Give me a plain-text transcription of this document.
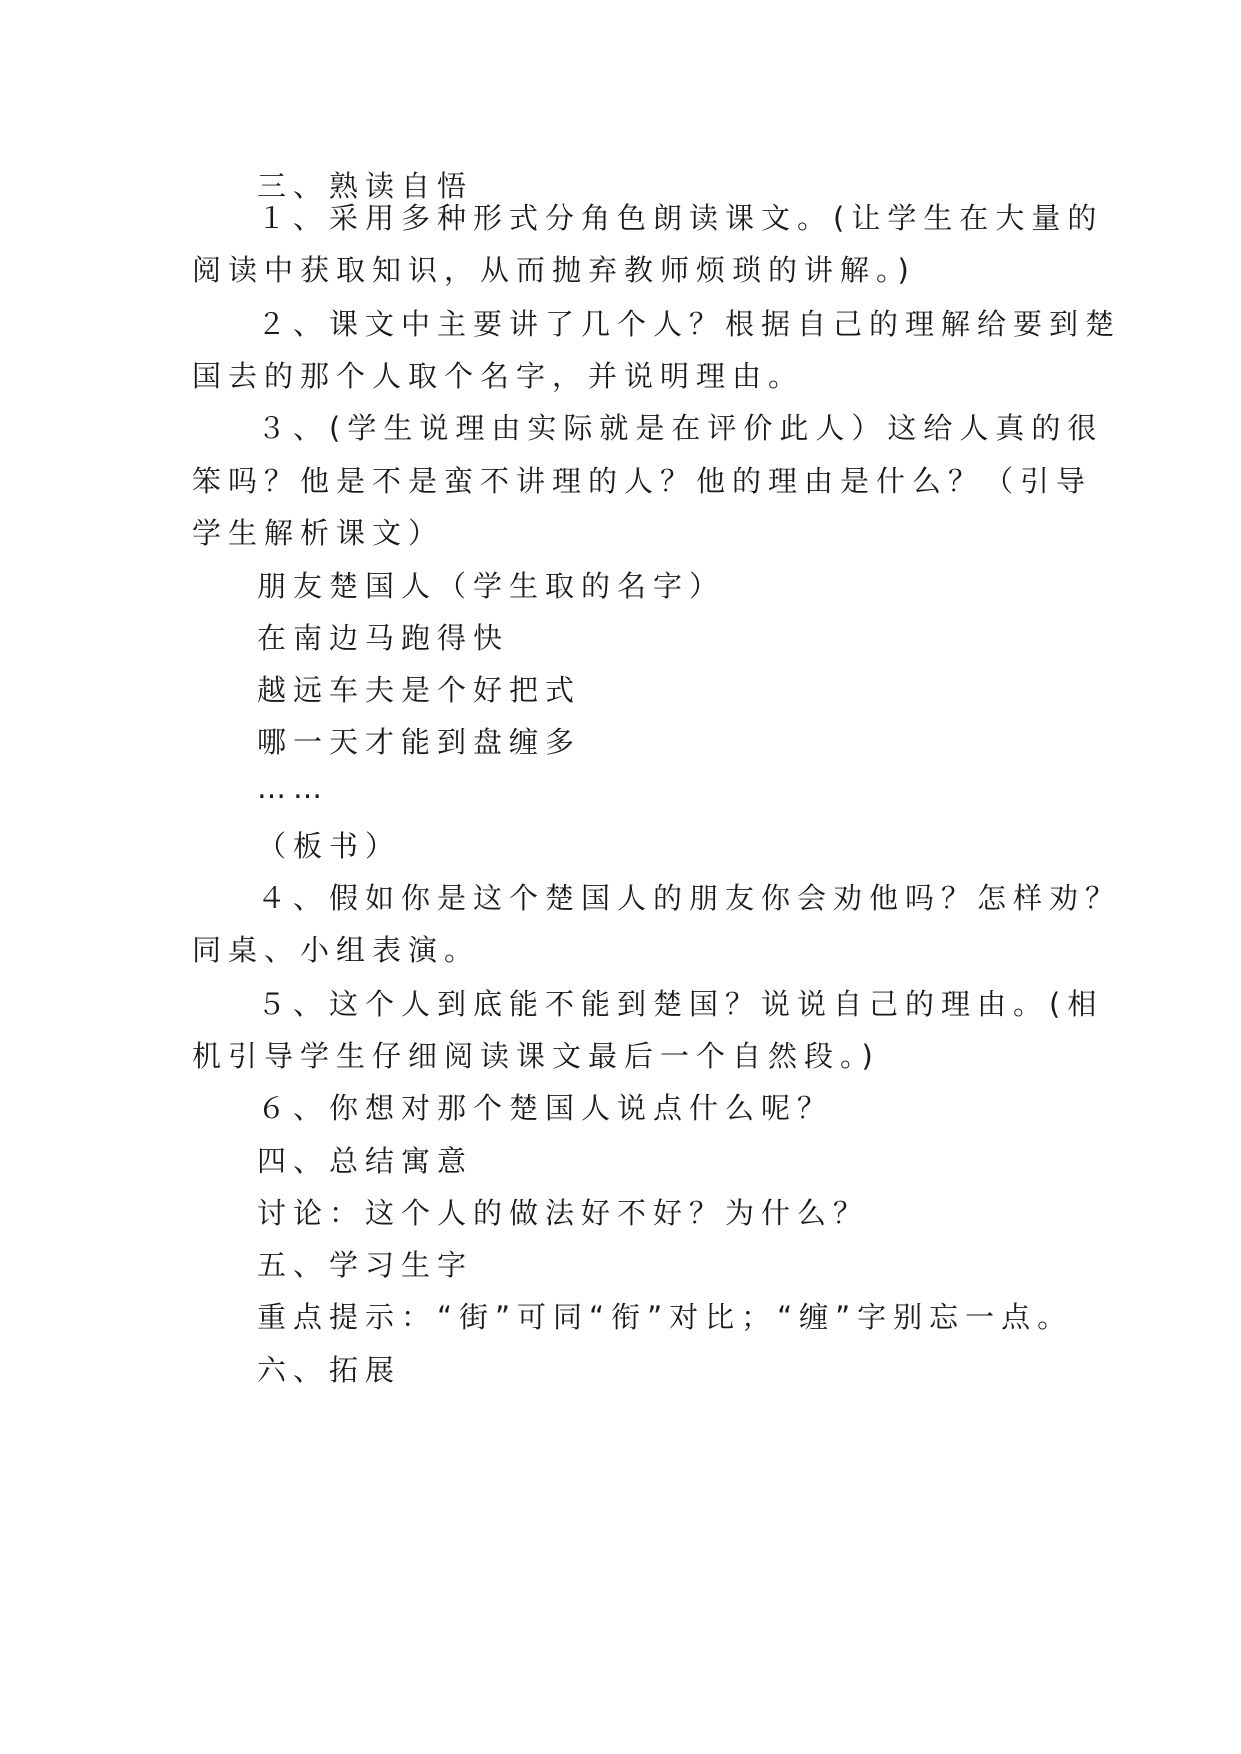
三、熟读自悟
１、采用多种形式分角色朗读课文。(让学生在大量的
阅读中获取知识，从而抛弃教师烦琐的讲解。)
２、课文中主要讲了几个人？根据自己的理解给要到楚
国去的那个人取个名字，并说明理由。
３、(学生说理由实际就是在评价此人）这给人真的很
笨吗？他是不是蛮不讲理的人？他的理由是什么？（引导
学生解析课文）
朋友楚国人（学生取的名字）
在南边马跑得快
越远车夫是个好把式
哪一天才能到盘缠多
……
（板书）
４、假如你是这个楚国人的朋友你会劝他吗？怎样劝？
同桌、小组表演。
５、这个人到底能不能到楚国？说说自己的理由。(相
机引导学生仔细阅读课文最后一个自然段。)
６、你想对那个楚国人说点什么呢？
四、总结寓意
讨论：这个人的做法好不好？为什么？
五、学习生字
重点提示：“街”可同“衔”对比；“缠”字别忘一点。
六、拓展
